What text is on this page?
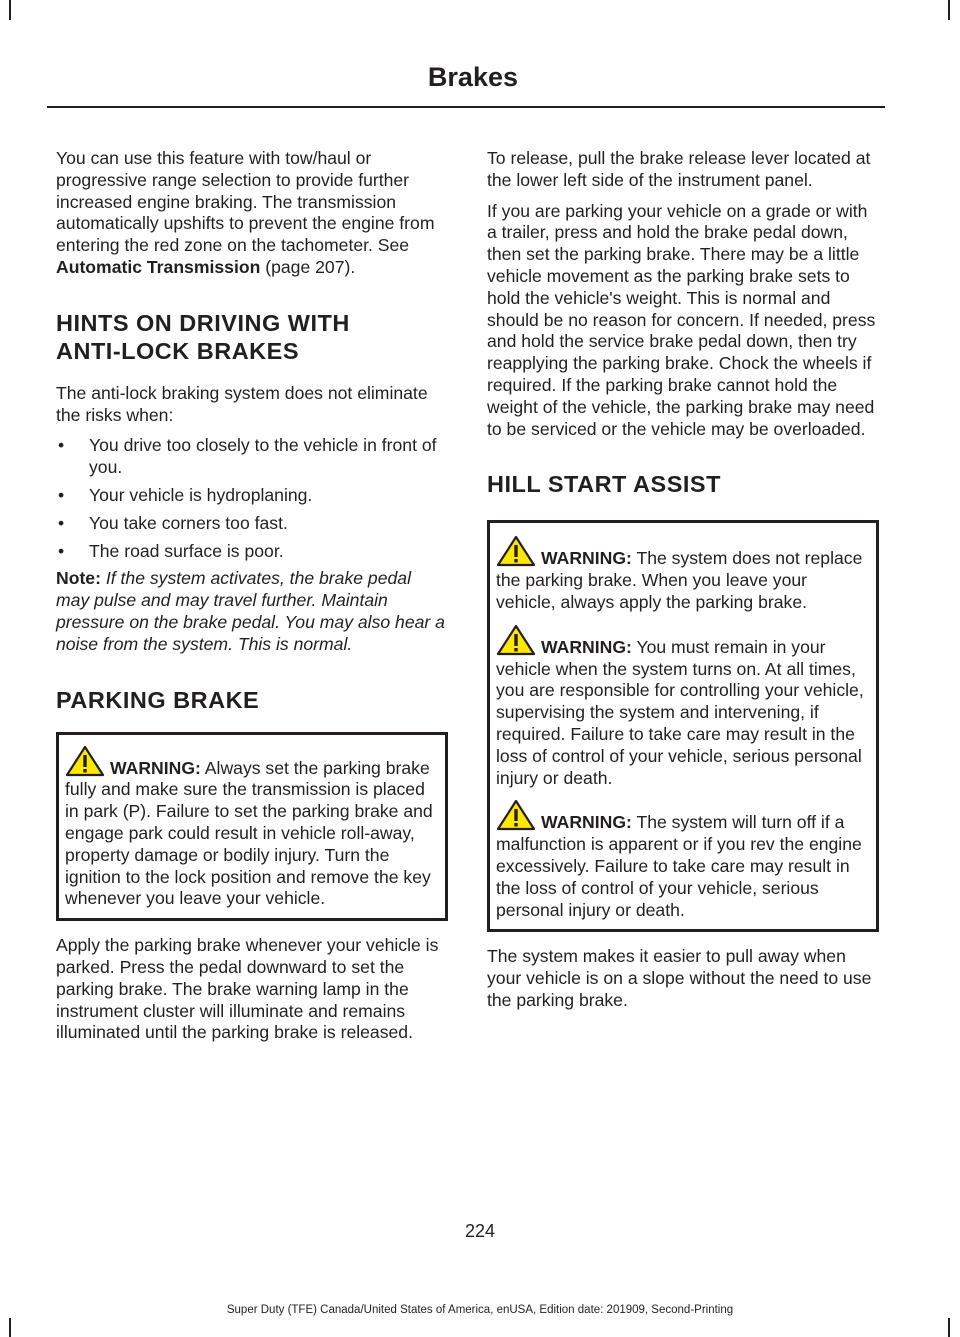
Brakes

You can use this feature with tow/haul or progressive range selection to provide further increased engine braking. The transmission automatically upshifts to prevent the engine from entering the red zone on the tachometer. See Automatic Transmission (page 207).

HINTS ON DRIVING WITH
ANTI-LOCK BRAKES

The anti-lock braking system does not eliminate the risks when:

• You drive too closely to the vehicle in front of you.
• Your vehicle is hydroplaning.
• You take corners too fast.
• The road surface is poor.

Note: If the system activates, the brake pedal may pulse and may travel further. Maintain pressure on the brake pedal. You may also hear a noise from the system. This is normal.

PARKING BRAKE

WARNING: Always set the parking brake fully and make sure the transmission is placed in park (P). Failure to set the parking brake and engage park could result in vehicle roll-away, property damage or bodily injury. Turn the ignition to the lock position and remove the key whenever you leave your vehicle.

Apply the parking brake whenever your vehicle is parked. Press the pedal downward to set the parking brake. The brake warning lamp in the instrument cluster will illuminate and remains illuminated until the parking brake is released.

To release, pull the brake release lever located at the lower left side of the instrument panel.

If you are parking your vehicle on a grade or with a trailer, press and hold the brake pedal down, then set the parking brake. There may be a little vehicle movement as the parking brake sets to hold the vehicle's weight. This is normal and should be no reason for concern. If needed, press and hold the service brake pedal down, then try reapplying the parking brake. Chock the wheels if required. If the parking brake cannot hold the weight of the vehicle, the parking brake may need to be serviced or the vehicle may be overloaded.

HILL START ASSIST

WARNING: The system does not replace the parking brake. When you leave your vehicle, always apply the parking brake.

WARNING: You must remain in your vehicle when the system turns on. At all times, you are responsible for controlling your vehicle, supervising the system and intervening, if required. Failure to take care may result in the loss of control of your vehicle, serious personal injury or death.

WARNING: The system will turn off if a malfunction is apparent or if you rev the engine excessively. Failure to take care may result in the loss of control of your vehicle, serious personal injury or death.

The system makes it easier to pull away when your vehicle is on a slope without the need to use the parking brake.

224
Super Duty (TFE) Canada/United States of America, enUSA, Edition date: 201909, Second-Printing
